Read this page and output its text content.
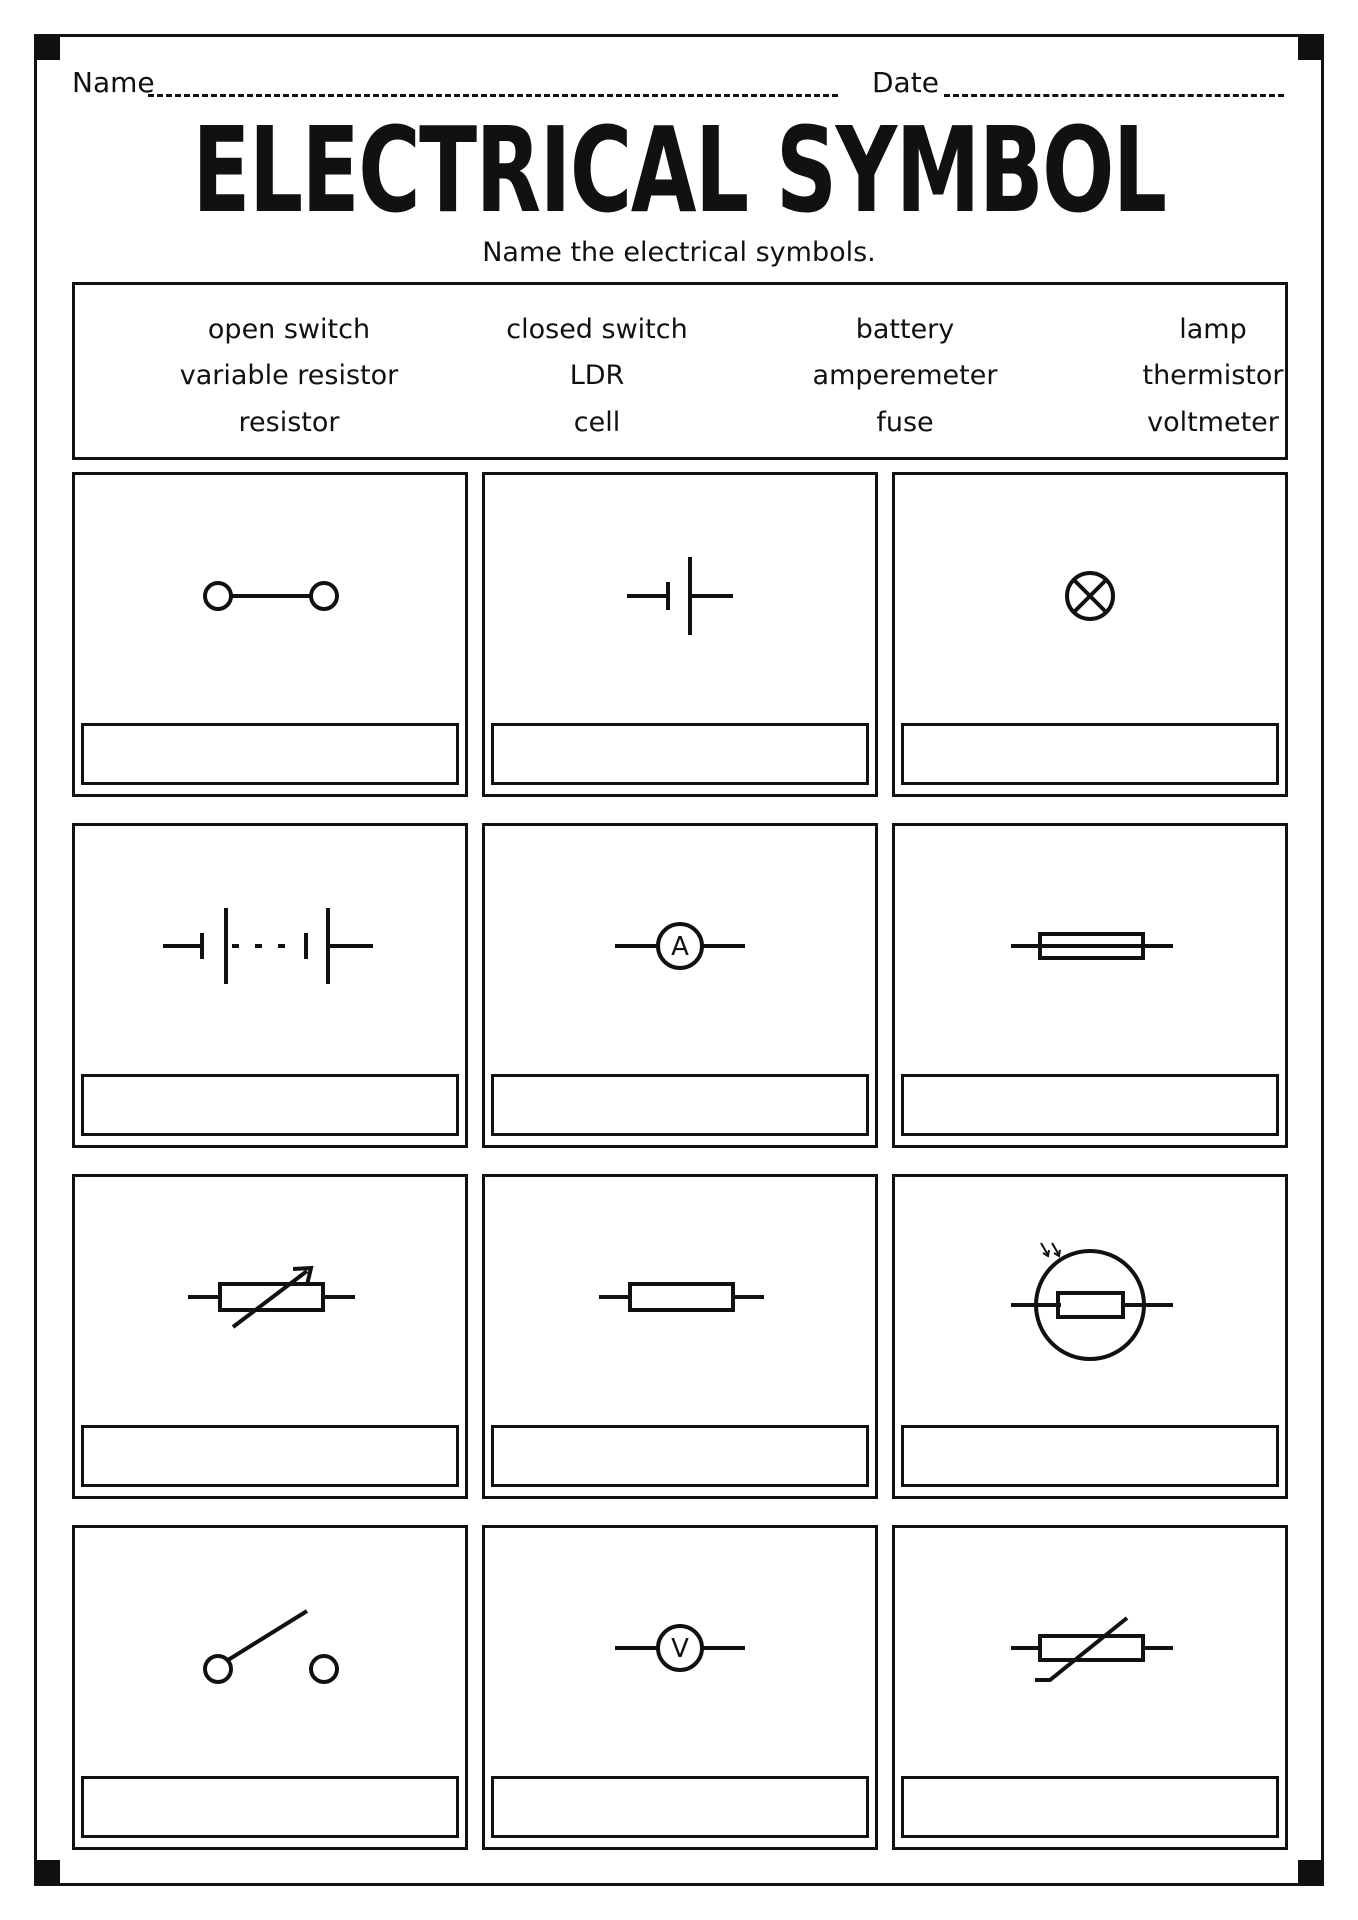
Name	Date
ELECTRICAL SYMBOL
Name the electrical symbols.
open switch	closed switch	battery	lamp
variable resistor	LDR	amperemeter	thermistor
resistor	cell	fuse	voltmeter
A
V
